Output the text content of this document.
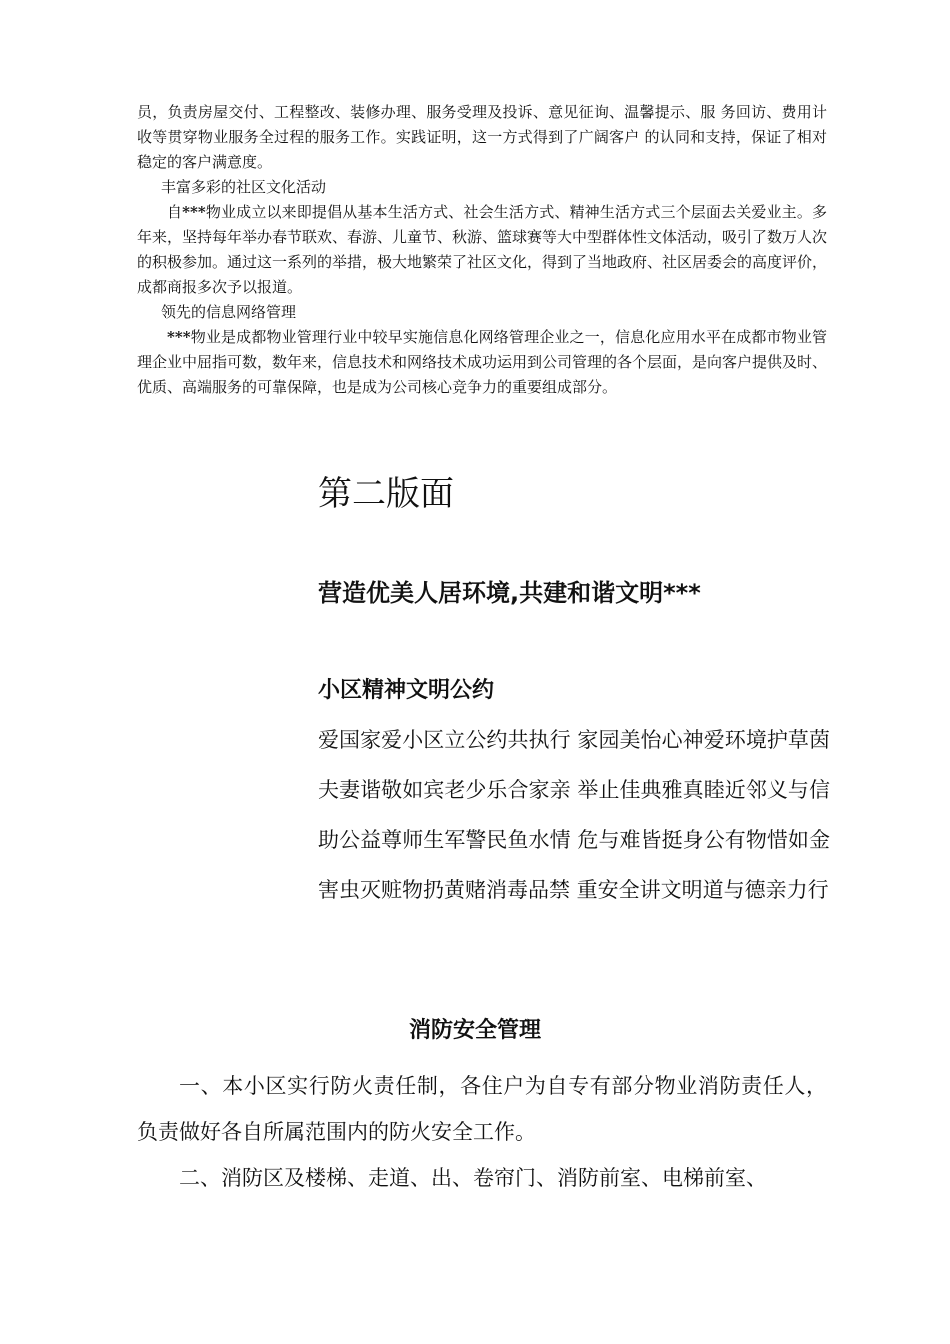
员，负责房屋交付、工程整改、装修办理、服务受理及投诉、意见征询、温馨提示、服 务回访、费用计收等贯穿物业服务全过程的服务工作。实践证明，这一方式得到了广阔客户 的认同和支持，保证了相对稳定的客户满意度。

丰富多彩的社区文化活动

自***物业成立以来即提倡从基本生活方式、社会生活方式、精神生活方式三个层面去关爱业主。多年来，坚持每年举办春节联欢、春游、儿童节、秋游、篮球赛等大中型群体性文体活动，吸引了数万人次的积极参加。通过这一系列的举措，极大地繁荣了社区文化，得到了当地政府、社区居委会的高度评价，成都商报多次予以报道。

领先的信息网络管理

***物业是成都物业管理行业中较早实施信息化网络管理企业之一，信息化应用水平在成都市物业管理企业中屈指可数，数年来，信息技术和网络技术成功运用到公司管理的各个层面，是向客户提供及时、优质、高端服务的可靠保障，也是成为公司核心竞争力的重要组成部分。

第二版面
营造优美人居环境,共建和谐文明***
小区精神文明公约

爱国家爱小区立公约共执行 家园美怡心神爱环境护草茵 夫妻谐敬如宾老少乐合家亲 举止佳典雅真睦近邻义与信 助公益尊师生军警民鱼水情 危与难皆挺身公有物惜如金 害虫灭赃物扔黄赌消毒品禁 重安全讲文明道与德亲力行

消防安全管理

一、本小区实行防火责任制，各住户为自专有部分物业消防责任人，负责做好各自所属范围内的防火安全工作。

二、消防区及楼梯、走道、出、卷帘门、消防前室、电梯前室、
